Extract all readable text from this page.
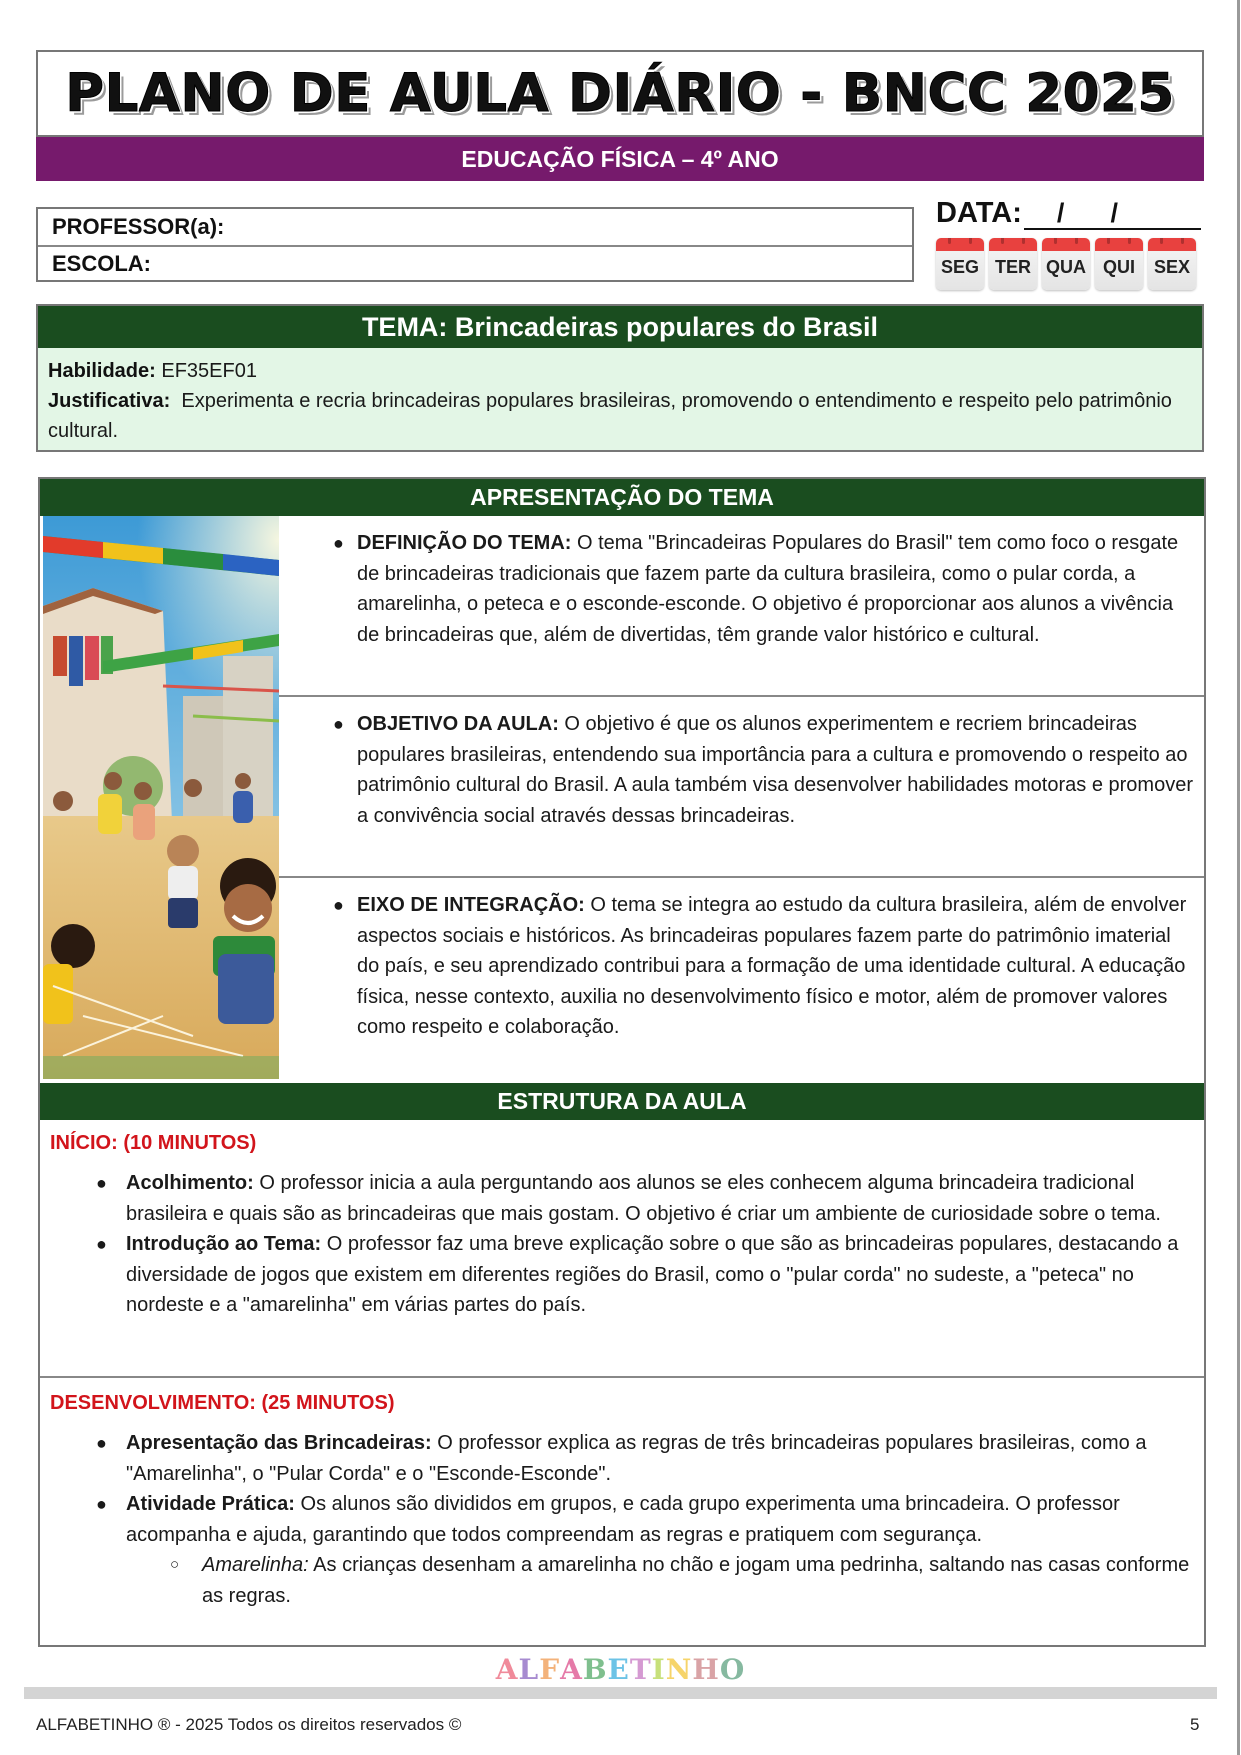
PLANO DE AULA DIÁRIO - BNCC 2025
EDUCAÇÃO FÍSICA – 4º ANO
PROFESSOR(a):
ESCOLA:
DATA: / /
SEG TER QUA QUI	SEX
TEMA: Brincadeiras populares do Brasil
Habilidade: EF35EF01
Justificativa:  Experimenta e recria brincadeiras populares brasileiras, promovendo o entendimento e respeito pelo patrimônio cultural.
APRESENTAÇÃO DO TEMA
● DEFINIÇÃO DO TEMA: O tema "Brincadeiras Populares do Brasil" tem como foco o resgate de brincadeiras tradicionais que fazem parte da cultura brasileira, como o pular corda, a amarelinha, o peteca e o esconde-esconde. O objetivo é proporcionar aos alunos a vivência de brincadeiras que, além de divertidas, têm grande valor histórico e cultural.
● OBJETIVO DA AULA: O objetivo é que os alunos experimentem e recriem brincadeiras populares brasileiras, entendendo sua importância para a cultura e promovendo o respeito ao patrimônio cultural do Brasil. A aula também visa desenvolver habilidades motoras e promover a convivência social através dessas brincadeiras.
● EIXO DE INTEGRAÇÃO: O tema se integra ao estudo da cultura brasileira, além de envolver aspectos sociais e históricos. As brincadeiras populares fazem parte do patrimônio imaterial do país, e seu aprendizado contribui para a formação de uma identidade cultural. A educação física, nesse contexto, auxilia no desenvolvimento físico e motor, além de promover valores como respeito e colaboração.
ESTRUTURA DA AULA
INÍCIO: (10 MINUTOS)
● Acolhimento: O professor inicia a aula perguntando aos alunos se eles conhecem alguma brincadeira tradicional brasileira e quais são as brincadeiras que mais gostam. O objetivo é criar um ambiente de curiosidade sobre o tema.
● Introdução ao Tema: O professor faz uma breve explicação sobre o que são as brincadeiras populares, destacando a diversidade de jogos que existem em diferentes regiões do Brasil, como o "pular corda" no sudeste, a "peteca" no nordeste e a "amarelinha" em várias partes do país.
DESENVOLVIMENTO: (25 MINUTOS)
● Apresentação das Brincadeiras: O professor explica as regras de três brincadeiras populares brasileiras, como a "Amarelinha", o "Pular Corda" e o "Esconde-Esconde".
● Atividade Prática: Os alunos são divididos em grupos, e cada grupo experimenta uma brincadeira. O professor acompanha e ajuda, garantindo que todos compreendam as regras e pratiquem com segurança.
○ Amarelinha: As crianças desenham a amarelinha no chão e jogam uma pedrinha, saltando nas casas conforme as regras.
ALFABETINHO
ALFABETINHO ® - 2025 Todos os direitos reservados ©	5
